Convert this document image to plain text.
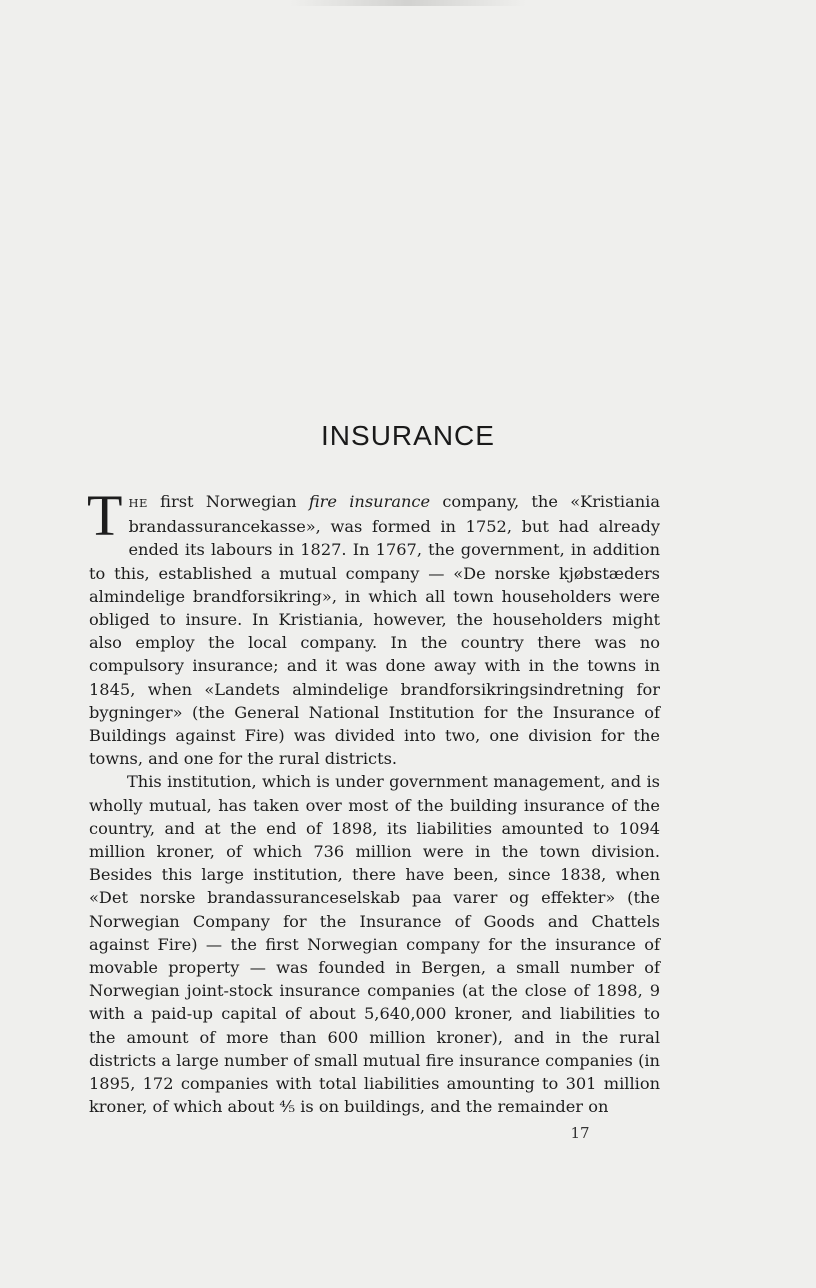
INSURANCE

THE first Norwegian fire insurance company, the «Kristiania brandassurancekasse», was formed in 1752, but had already ended its labours in 1827. In 1767, the government, in addition to this, established a mutual company — «De norske kjøbstæders almindelige brandforsikring», in which all town householders were obliged to insure. In Kristiania, however, the householders might also employ the local company. In the country there was no compulsory insurance; and it was done away with in the towns in 1845, when «Landets almindelige brandforsikringsindretning for bygninger» (the General National Institution for the Insurance of Buildings against Fire) was divided into two, one division for the towns, and one for the rural districts.

This institution, which is under government management, and is wholly mutual, has taken over most of the building insurance of the country, and at the end of 1898, its liabilities amounted to 1094 million kroner, of which 736 million were in the town division. Besides this large institution, there have been, since 1838, when «Det norske brandassuranceselskab paa varer og effekter» (the Norwegian Company for the Insurance of Goods and Chattels against Fire) — the first Norwegian company for the insurance of movable property — was founded in Bergen, a small number of Norwegian joint-stock insurance companies (at the close of 1898, 9 with a paid-up capital of about 5,640,000 kroner, and liabilities to the amount of more than 600 million kroner), and in the rural districts a large number of small mutual fire insurance companies (in 1895, 172 companies with total liabilities amounting to 301 million kroner, of which about ⅘ is on buildings, and the remainder on

17
